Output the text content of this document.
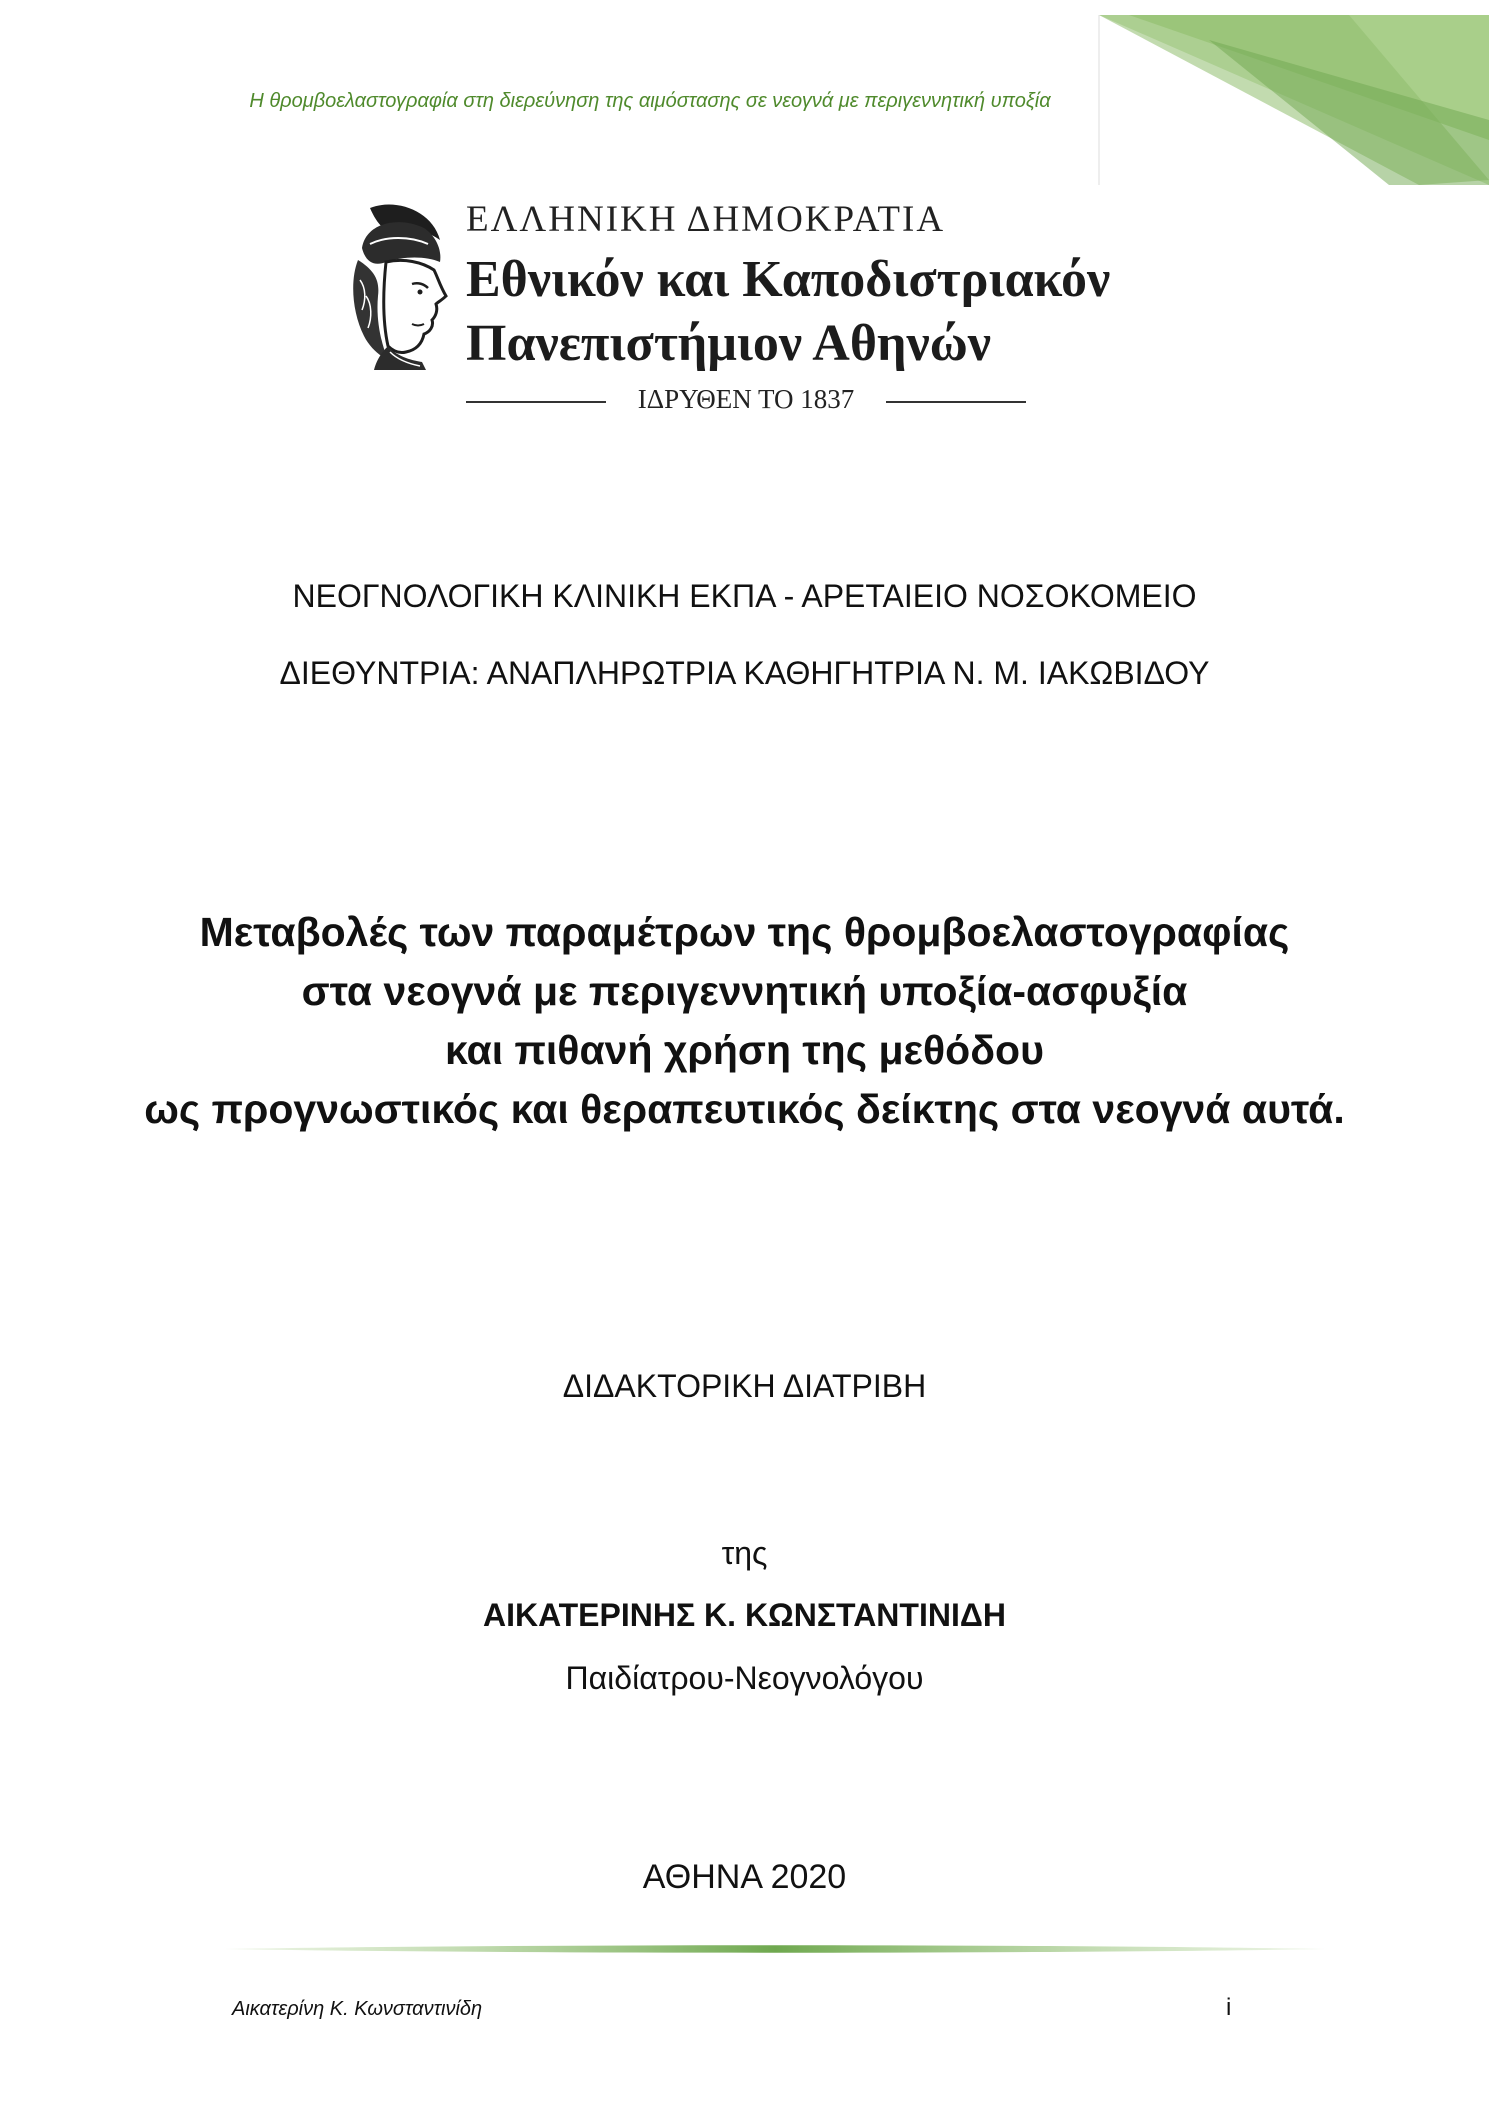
Η θρομβοελαστογραφία στη διερεύνηση της αιμόστασης σε νεογνά με περιγεννητική υποξία
ΕΛΛΗΝΙΚΗ ΔΗΜΟΚΡΑΤΙΑ
Εθνικόν και Καποδιστριακόν
Πανεπιστήμιον Αθηνών
ΙΔΡΥΘΕΝ ΤΟ 1837
ΝΕΟΓΝΟΛΟΓΙΚΗ ΚΛΙΝΙΚΗ ΕΚΠΑ - ΑΡΕΤΑΙΕΙΟ ΝΟΣΟΚΟΜΕΙΟ
ΔΙΕΘΥΝΤΡΙΑ: ΑΝΑΠΛΗΡΩΤΡΙΑ ΚΑΘΗΓΗΤΡΙΑ Ν. Μ. ΙΑΚΩΒΙΔΟΥ
Μεταβολές των παραμέτρων της θρομβοελαστογραφίας
στα νεογνά με περιγεννητική υποξία-ασφυξία
και πιθανή χρήση της μεθόδου
ως προγνωστικός και θεραπευτικός δείκτης στα νεογνά αυτά.
ΔΙΔΑΚΤΟΡΙΚΗ ΔΙΑΤΡΙΒΗ
της
ΑΙΚΑΤΕΡΙΝΗΣ Κ. ΚΩΝΣΤΑΝΤΙΝΙΔΗ
Παιδίατρου-Νεογνολόγου
ΑΘΗΝΑ 2020
Αικατερίνη Κ. Κωνσταντινίδη	i
